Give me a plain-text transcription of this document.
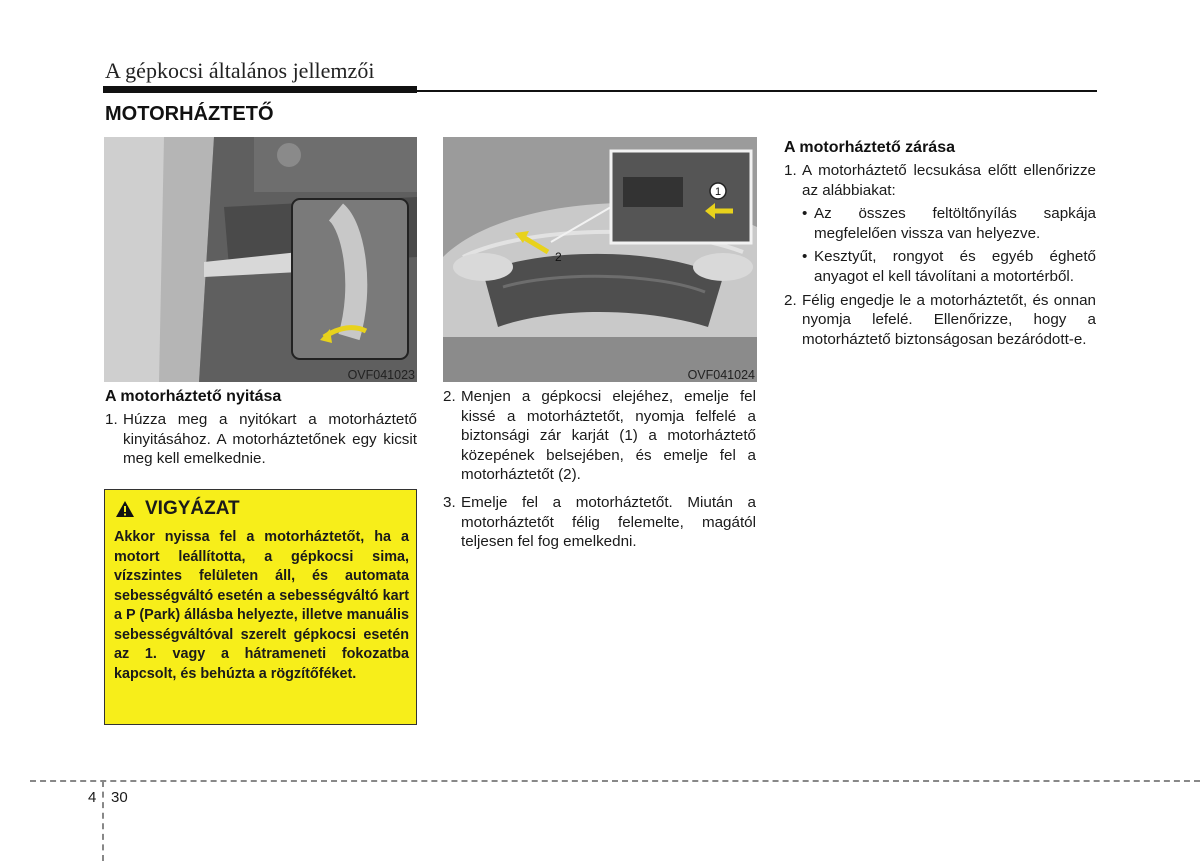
A gépkocsi általános jellemzői
MOTORHÁZTETŐ
OVF041023
1
2
OVF041024
A motorháztető nyitása
1. Húzza meg a nyitókart a motorháztető kinyitásához. A motorháztetőnek egy kicsit meg kell emelkednie.
VIGYÁZAT
Akkor nyissa fel a motorháztetőt, ha a motort leállította, a gépkocsi sima, vízszintes felületen áll, és automata sebességváltó esetén a sebességváltó kart a P (Park) állásba helyezte, illetve manuális sebességváltóval szerelt gépkocsi esetén az 1. vagy a hátrameneti fokozatba kapcsolt, és behúzta a rögzítőféket.
2. Menjen a gépkocsi elejéhez, emelje fel kissé a motorháztetőt, nyomja felfelé a biztonsági zár karját (1) a motorháztető közepének belsejében, és emelje fel a motorháztetőt (2).
3. Emelje fel a motorháztetőt. Miután a motorháztetőt félig felemelte, magától teljesen fel fog emelkedni.
A motorháztető zárása
1. A motorháztető lecsukása előtt ellenőrizze az alábbiakat:
• Az összes feltöltőnyílás sapkája megfelelően vissza van helyezve.
• Kesztyűt, rongyot és egyéb éghető anyagot el kell távolítani a motortérből.
2. Félig engedje le a motorháztetőt, és onnan nyomja lefelé. Ellenőrizze, hogy a motorháztető biztonságosan bezáródott-e.
4 30
